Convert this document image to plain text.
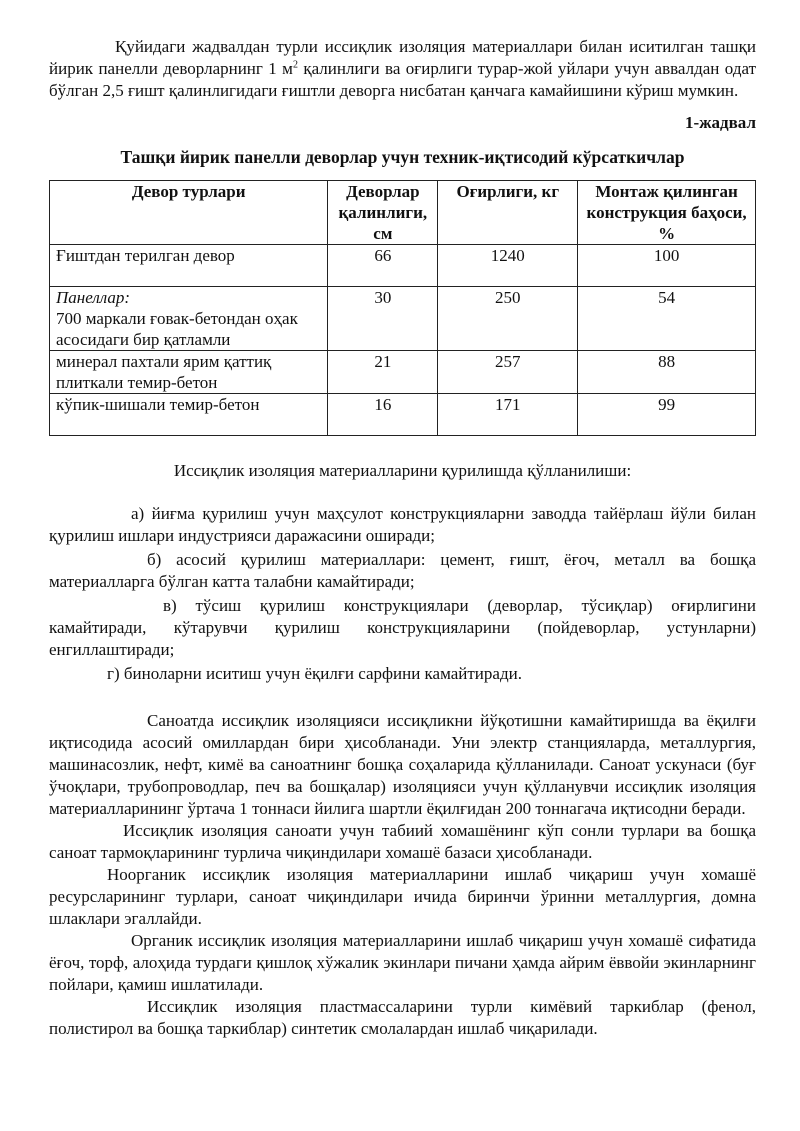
Қуйидаги жадвалдан турли иссиқлик изоляция материаллари билан иситилган ташқи йирик панелли деворларнинг 1 $м^2$ қалинлиги ва оғирлиги турар-жой уйлари учун аввалдан одат бўлган 2,5 ғишт қалинлигидаги ғиштли деворга нисбатан қанчага камайишини кўриш мумкин.

1-жадвал

Ташқи йирик панелли деворлар учун техник-иқтисодий кўрсаткичлар

Девор турлари	Деворлар қалинлиги, см	Оғирлиги, кг	Монтаж қилинган конструкция баҳоси, %
Ғиштдан терилган девор	66	1240	100
Панеллар:
700 маркали ғовак-бетондан оҳак асосидаги бир қатламли	30	250	54
минерал пахтали ярим қаттиқ плиткали темир-бетон	21	257	88
кўпик-шишали темир-бетон	16	171	99

Иссиқлик изоляция материалларини қурилишда қўлланилиши:

а) йиғма қурилиш учун маҳсулот конструкцияларни заводда тайёрлаш йўли билан қурилиш ишлари индустрияси даражасини оширади;

б) асосий қурилиш материаллари: цемент, ғишт, ёғоч, металл ва бошқа материалларга бўлган катта талабни камайтиради;

в) тўсиш қурилиш конструкциялари (деворлар, тўсиқлар) оғирлигини камайтиради, кўтарувчи қурилиш конструкцияларини (пойдеворлар, устунларни) енгиллаштиради;

г) биноларни иситиш учун ёқилғи сарфини камайтиради.

Саноатда иссиқлик изоляцияси иссиқликни йўқотишни камайтиришда ва ёқилғи иқтисодида асосий омиллардан бири ҳисобланади. Уни электр станцияларда, металлургия, машинасозлик, нефт, кимё ва саноатнинг бошқа соҳаларида қўлланилади. Саноат ускунаси (буғ ўчоқлари, трубопроводлар, печ ва бошқалар) изоляцияси учун қўлланувчи иссиқлик изоляция материалларининг ўртача 1 тоннаси йилига шартли ёқилғидан 200 тоннагача иқтисодни беради.

Иссиқлик изоляция саноати учун табиий хомашёнинг кўп сонли турлари ва бошқа саноат тармоқларининг турлича чиқиндилари хомашё базаси ҳисобланади.

Ноорганик иссиқлик изоляция материалларини ишлаб чиқариш учун хомашё ресурсларининг турлари, саноат чиқиндилари ичида биринчи ўринни металлургия, домна шлаклари эгаллайди.

Органик иссиқлик изоляция материалларини ишлаб чиқариш учун хомашё сифатида ёғоч, торф, алоҳида турдаги қишлоқ хўжалик экинлари пичани ҳамда айрим ёввойи экинларнинг пойлари, қамиш ишлатилади.

Иссиқлик изоляция пластмассаларини турли кимёвий таркиблар (фенол, полистирол ва бошқа таркиблар) синтетик смолалардан ишлаб чиқарилади.
